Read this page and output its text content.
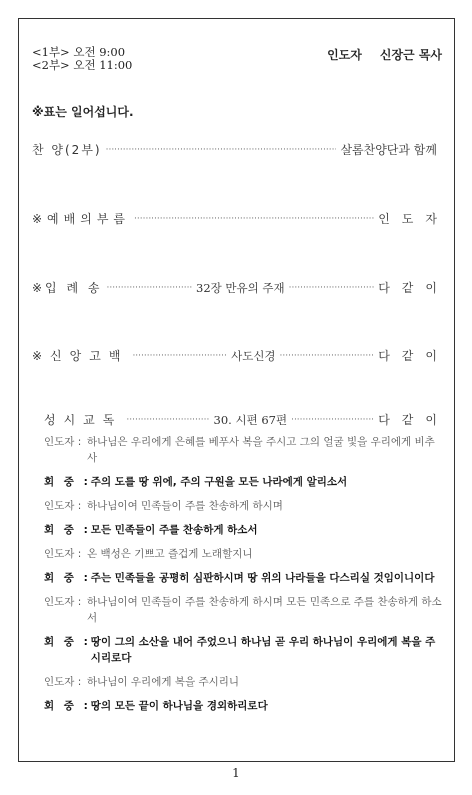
<1부> 오전 9:00
<2부> 오전 11:00
인도자 신장근 목사
※표는 일어섭니다.
찬 양(2부) ·····	살롬찬양단과 함께
※예배의부름 ·····	인도자
※입 례 송 ·····	32장 만유의 주재 ·····	다같이
※신앙고백 ·····	사도신경 ·····	다같이
성시교독 ·····	30. 시편 67편 ·····	다같이
인도자 : 하나님은 우리에게 은혜를 베푸사 복을 주시고 그의 얼굴 빛을 우리에게 비추사
회 중 : 주의 도를 땅 위에, 주의 구원을 모든 나라에게 알리소서
인도자 : 하나님이여 민족들이 주를 찬송하게 하시며
회 중 : 모든 민족들이 주를 찬송하게 하소서
인도자 : 온 백성은 기쁘고 즐겁게 노래할지니
회 중 : 주는 민족들을 공평히 심판하시며 땅 위의 나라들을 다스리실 것임이니이다
인도자 : 하나님이여 민족들이 주를 찬송하게 하시며 모든 민족으로 주를 찬송하게 하소서
회 중 : 땅이 그의 소산을 내어 주었으니 하나님 곧 우리 하나님이 우리에게 복을 주시리로다
인도자 : 하나님이 우리에게 복을 주시리니
회 중 : 땅의 모든 끝이 하나님을 경외하리로다
1
